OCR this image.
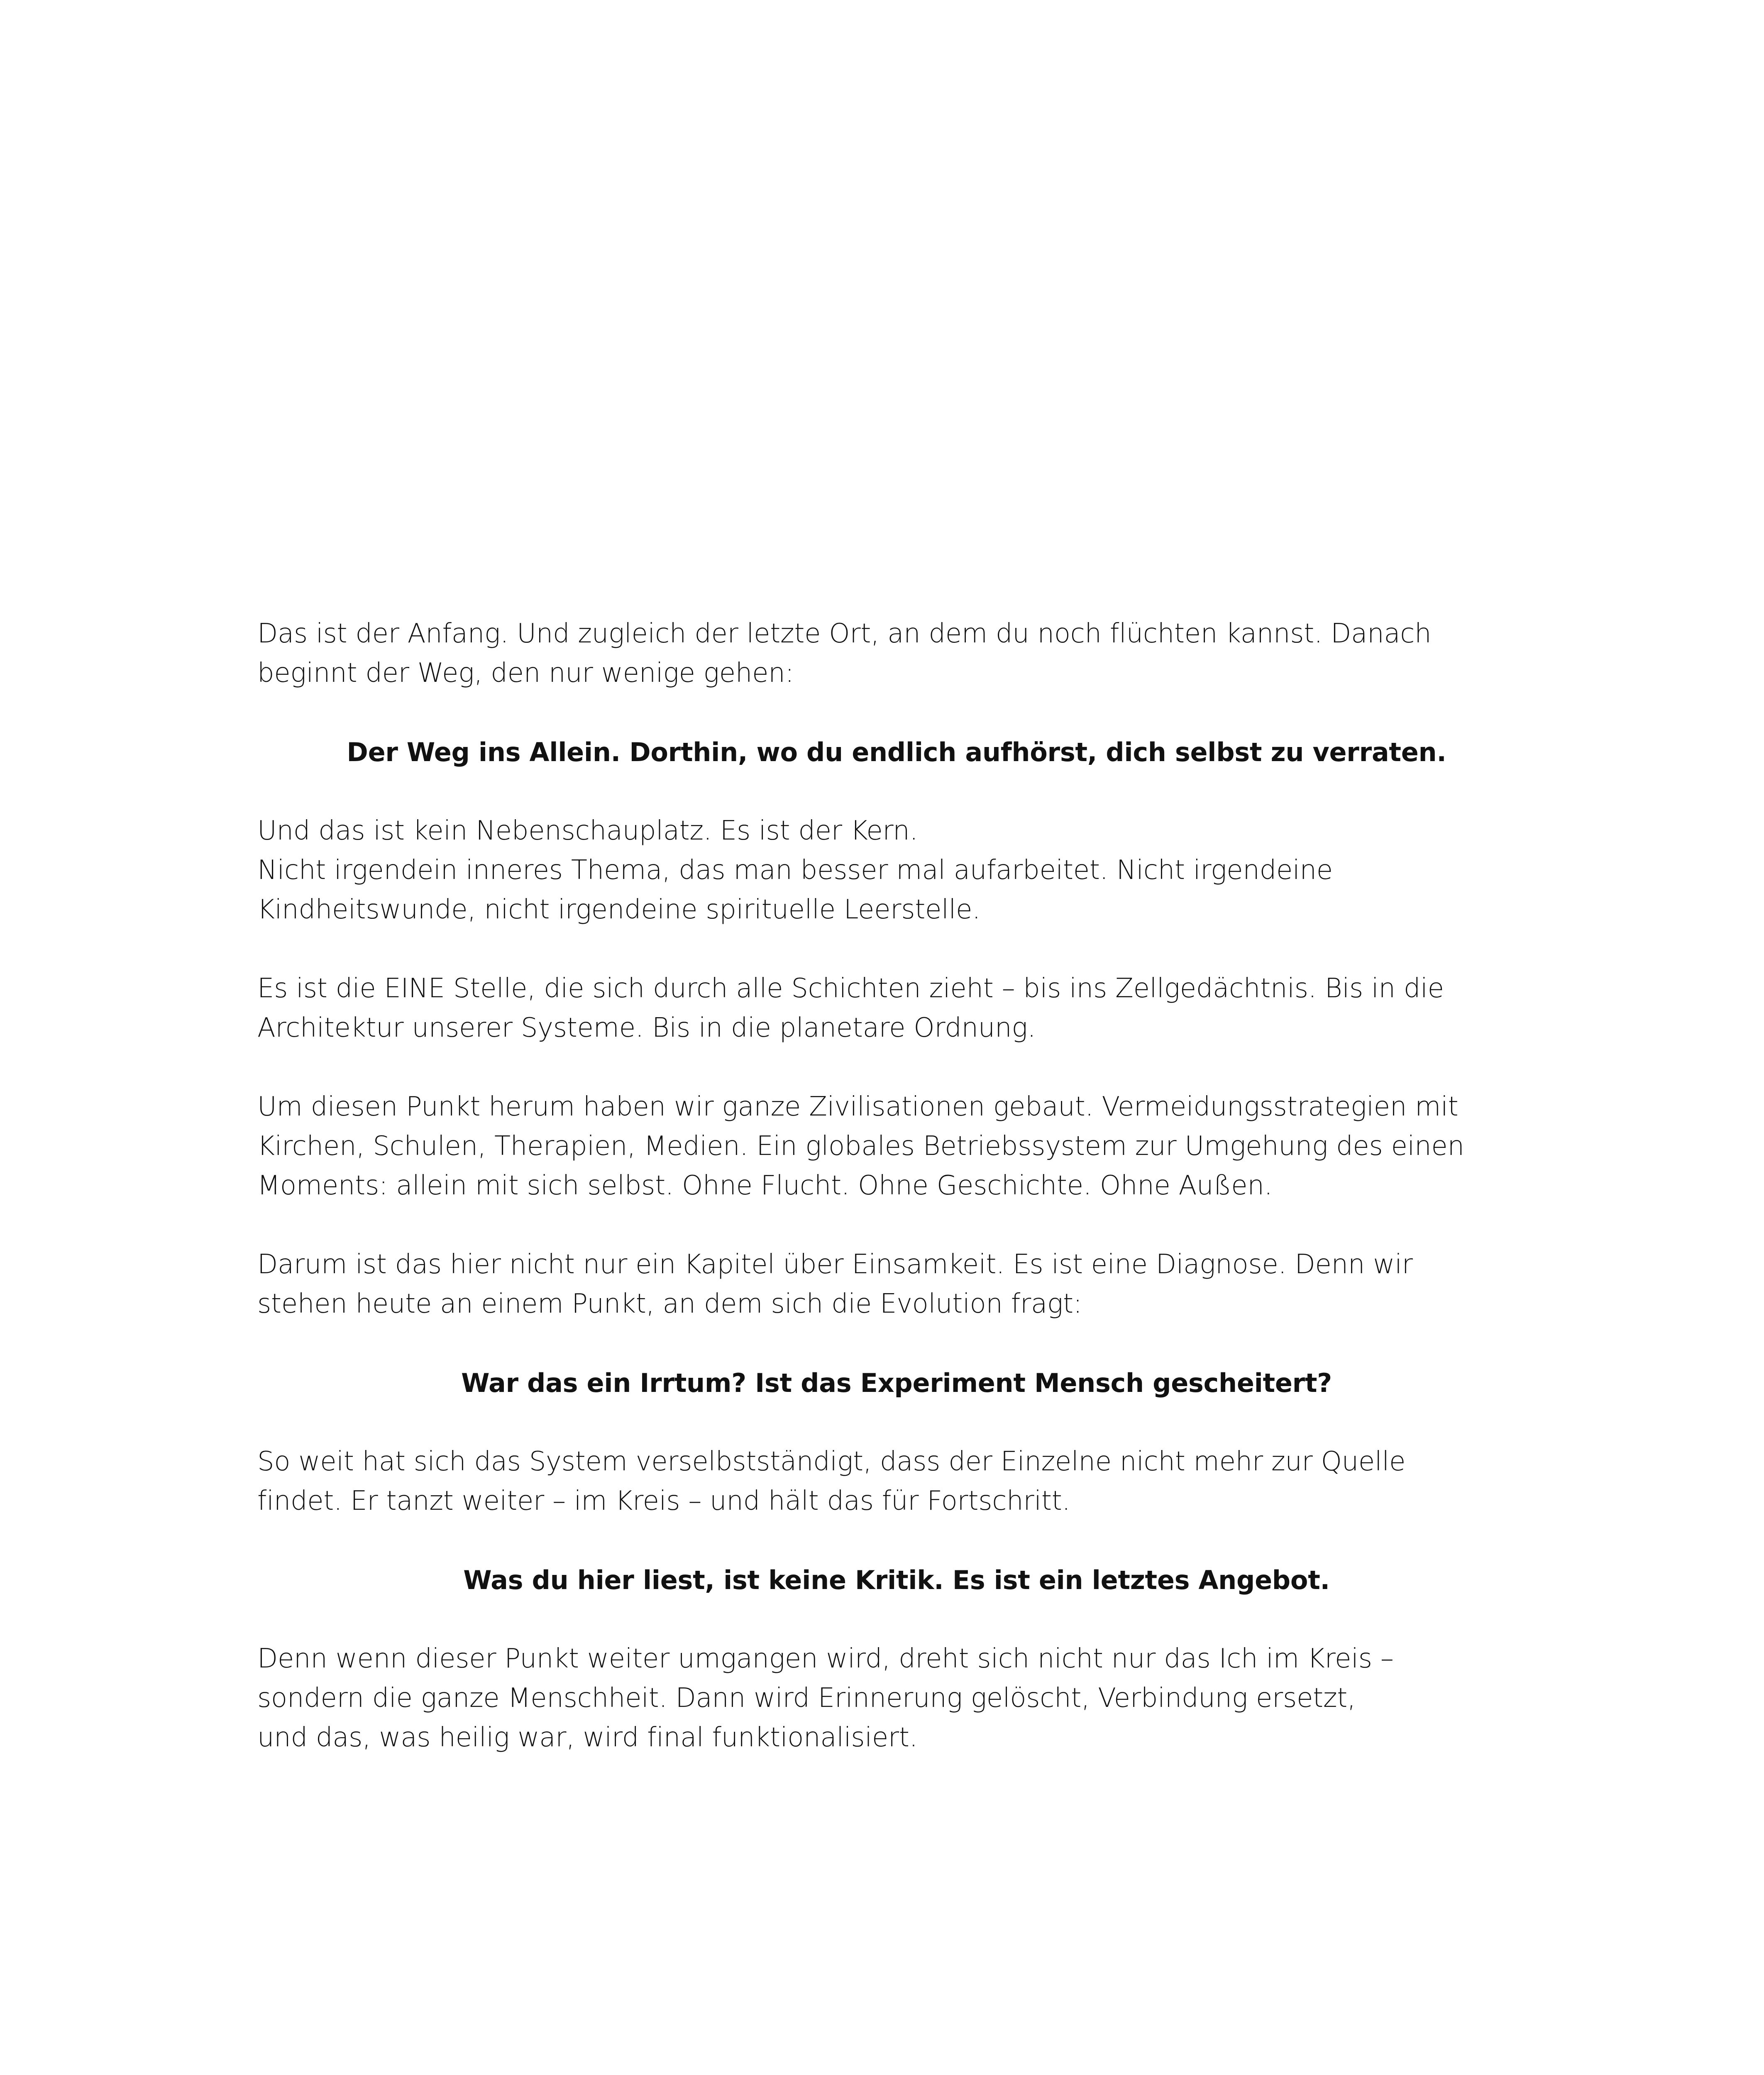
Das ist der Anfang. Und zugleich der letzte Ort, an dem du noch flüchten kannst. Danach
beginnt der Weg, den nur wenige gehen:
Der Weg ins Allein. Dorthin, wo du endlich aufhörst, dich selbst zu verraten.
Und das ist kein Nebenschauplatz. Es ist der Kern.
Nicht irgendein inneres Thema, das man besser mal aufarbeitet. Nicht irgendeine
Kindheitswunde, nicht irgendeine spirituelle Leerstelle.
Es ist die EINE Stelle, die sich durch alle Schichten zieht – bis ins Zellgedächtnis. Bis in die
Architektur unserer Systeme. Bis in die planetare Ordnung.
Um diesen Punkt herum haben wir ganze Zivilisationen gebaut. Vermeidungsstrategien mit
Kirchen, Schulen, Therapien, Medien. Ein globales Betriebssystem zur Umgehung des einen
Moments: allein mit sich selbst. Ohne Flucht. Ohne Geschichte. Ohne Außen.
Darum ist das hier nicht nur ein Kapitel über Einsamkeit. Es ist eine Diagnose. Denn wir
stehen heute an einem Punkt, an dem sich die Evolution fragt:
War das ein Irrtum? Ist das Experiment Mensch gescheitert?
So weit hat sich das System verselbstständigt, dass der Einzelne nicht mehr zur Quelle
findet. Er tanzt weiter – im Kreis – und hält das für Fortschritt.
Was du hier liest, ist keine Kritik. Es ist ein letztes Angebot.
Denn wenn dieser Punkt weiter umgangen wird, dreht sich nicht nur das Ich im Kreis –
sondern die ganze Menschheit. Dann wird Erinnerung gelöscht, Verbindung ersetzt,
und das, was heilig war, wird final funktionalisiert.
